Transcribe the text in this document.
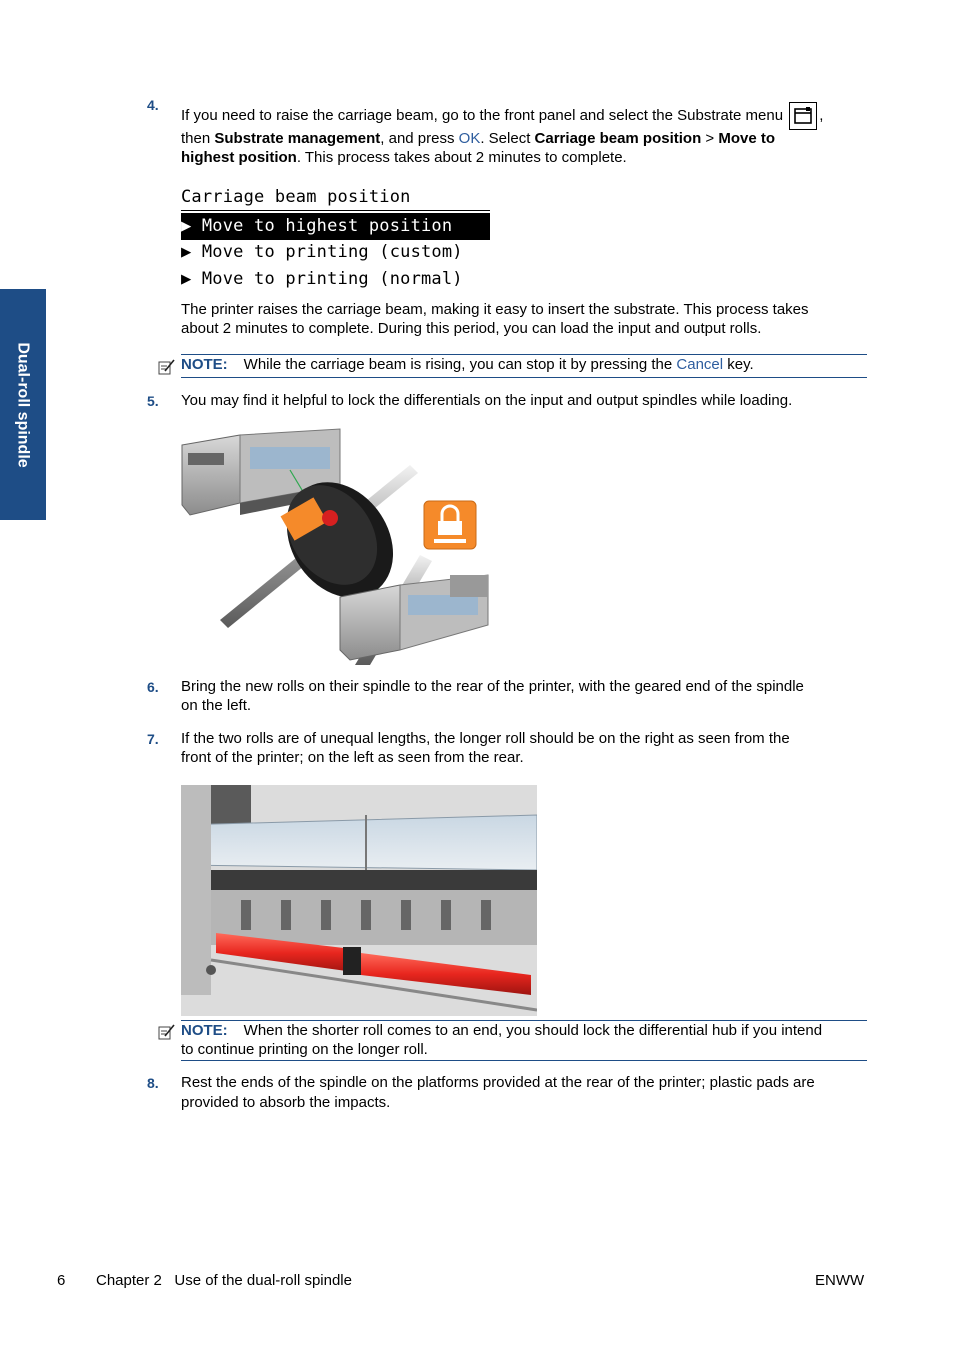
Dual-roll spindle
4.
If you need to raise the carriage beam, go to the front panel and select the Substrate menu ,
then Substrate management, and press OK. Select Carriage beam position > Move to
highest position. This process takes about 2 minutes to complete.
Carriage beam position
▶ Move to highest position
▶ Move to printing (custom)
▶ Move to printing (normal)
The printer raises the carriage beam, making it easy to insert the substrate. This process takes
about 2 minutes to complete. During this period, you can load the input and output rolls.
NOTE: While the carriage beam is rising, you can stop it by pressing the Cancel key.
5. You may find it helpful to lock the differentials on the input and output spindles while loading.
6. Bring the new rolls on their spindle to the rear of the printer, with the geared end of the spindle
on the left.
7. If the two rolls are of unequal lengths, the longer roll should be on the right as seen from the
front of the printer; on the left as seen from the rear.
NOTE: When the shorter roll comes to an end, you should lock the differential hub if you intend
to continue printing on the longer roll.
8. Rest the ends of the spindle on the platforms provided at the rear of the printer; plastic pads are
provided to absorb the impacts.
6 Chapter 2   Use of the dual-roll spindle	ENWW
